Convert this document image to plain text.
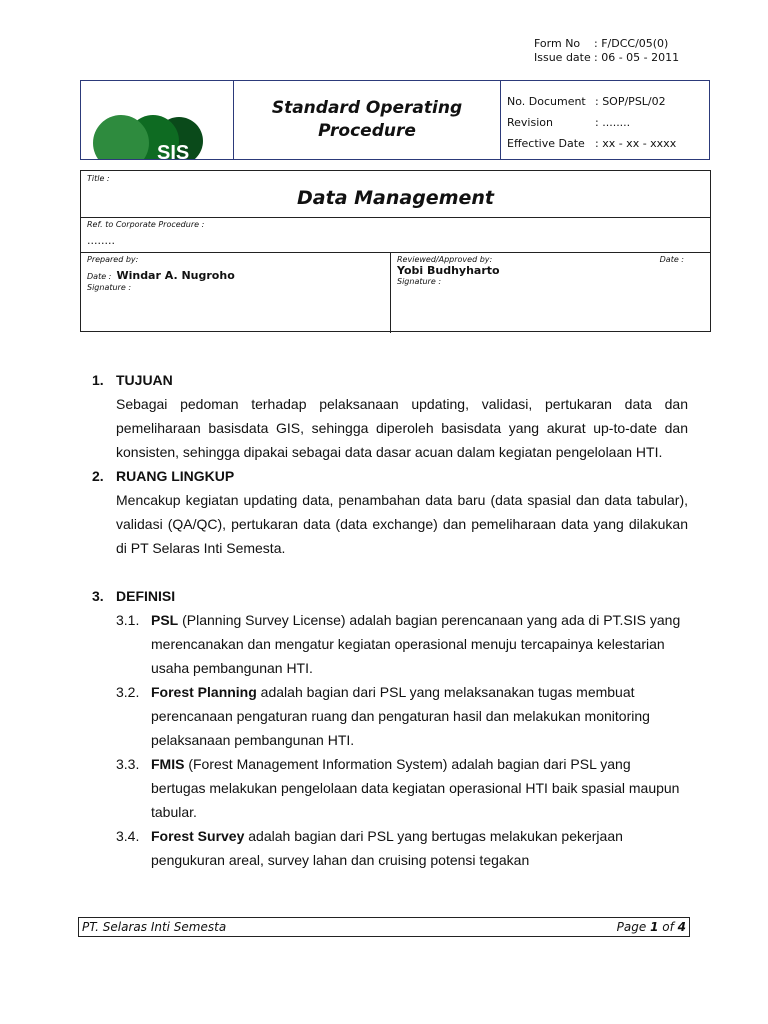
Form No	: F/DCC/05(0)
Issue date : 06 - 05 - 2011
SIS
Standard Operating
Procedure
No. Document : SOP/PSL/02
Revision	: ........
Effective Date : xx - xx - xxxx
Title :
Data Management
Ref. to Corporate Procedure :
........
Prepared by:
Date : Windar A. Nugroho
Signature :
Reviewed/Approved by:	Date :
Yobi Budhyharto
Signature :
1. TUJUAN
Sebagai pedoman terhadap pelaksanaan updating, validasi, pertukaran data dan pemeliharaan basisdata GIS, sehingga diperoleh basisdata yang akurat up-to-date dan konsisten, sehingga dipakai sebagai data dasar acuan dalam kegiatan pengelolaan HTI.
2. RUANG LINGKUP
Mencakup kegiatan updating data, penambahan data baru (data spasial dan data tabular), validasi (QA/QC), pertukaran data (data exchange) dan pemeliharaan data yang dilakukan di PT Selaras Inti Semesta.
3. DEFINISI
3.1. PSL (Planning Survey License) adalah bagian perencanaan yang ada di PT.SIS yang merencanakan dan mengatur kegiatan operasional menuju tercapainya kelestarian usaha pembangunan HTI.
3.2. Forest Planning adalah bagian dari PSL yang melaksanakan tugas membuat perencanaan pengaturan ruang dan pengaturan hasil dan melakukan monitoring pelaksanaan pembangunan HTI.
3.3. FMIS (Forest Management Information System) adalah bagian dari PSL yang bertugas melakukan pengelolaan data kegiatan operasional HTI baik spasial maupun tabular.
3.4. Forest Survey adalah bagian dari PSL yang bertugas melakukan pekerjaan pengukuran areal, survey lahan dan cruising potensi tegakan
PT. Selaras Inti Semesta	Page 1 of 4
